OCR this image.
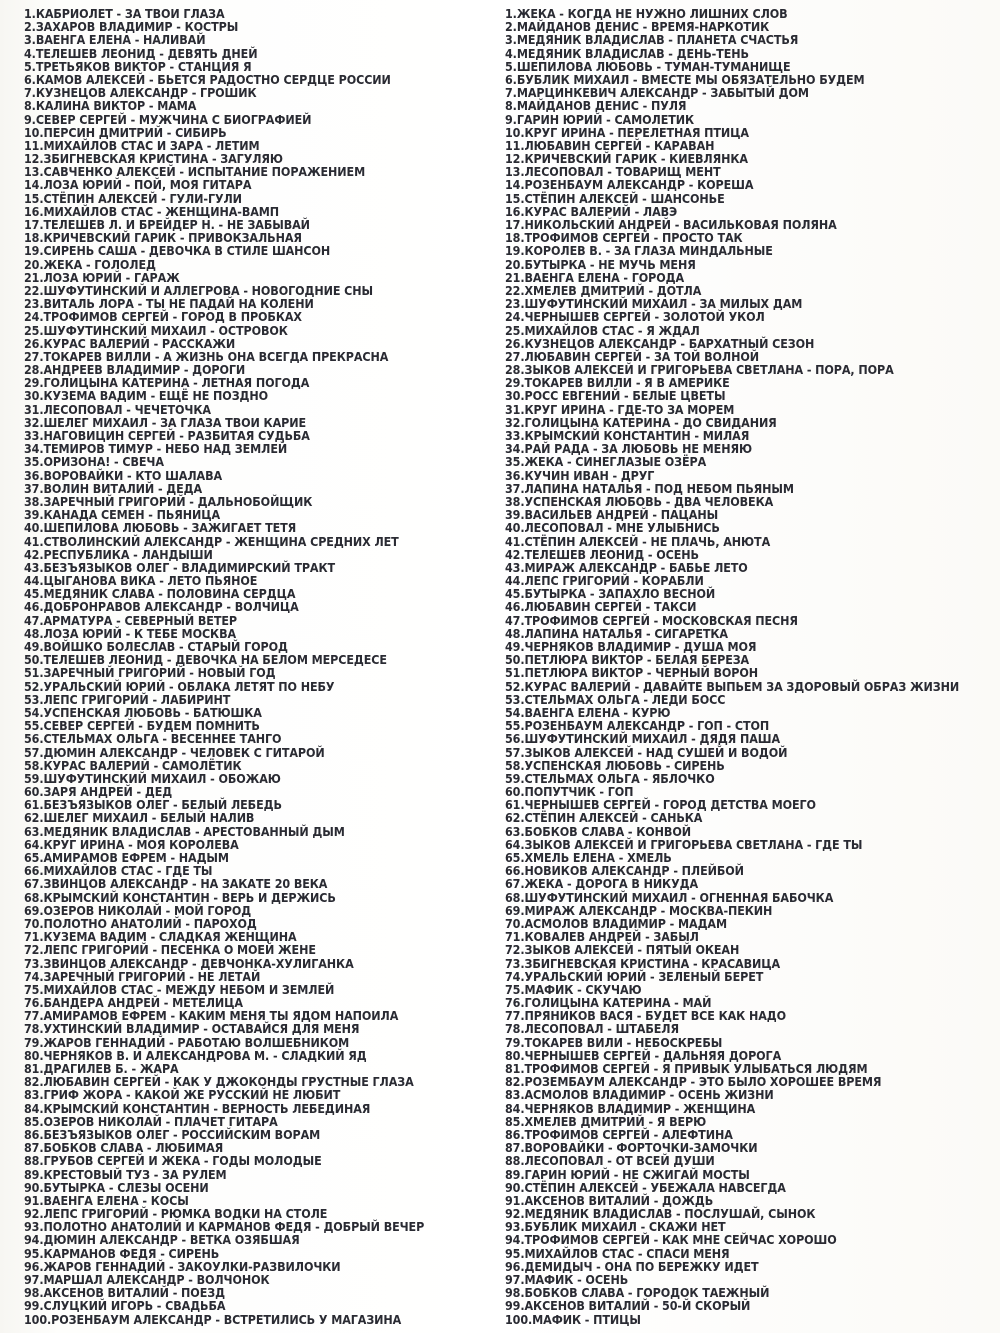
1.КАБРИОЛЕТ - ЗА ТВОИ ГЛАЗА
2.ЗАХАРОВ ВЛАДИМИР - КОСТРЫ
3.ВАЕНГА ЕЛЕНА - НАЛИВАЙ
4.ТЕЛЕШЕВ ЛЕОНИД - ДЕВЯТЬ ДНЕЙ
5.ТРЕТЬЯКОВ ВИКТОР - СТАНЦИЯ Я
6.КАМОВ АЛЕКСЕЙ - БЬЕТСЯ РАДОСТНО СЕРДЦЕ РОССИИ
7.КУЗНЕЦОВ АЛЕКСАНДР - ГРОШИК
8.КАЛИНА ВИКТОР - МАМА
9.СЕВЕР СЕРГЕЙ - МУЖЧИНА С БИОГРАФИЕЙ
10.ПЕРСИН ДМИТРИЙ - СИБИРЬ
11.МИХАЙЛОВ СТАС И ЗАРА - ЛЕТИМ
12.ЗБИГНЕВСКАЯ КРИСТИНА - ЗАГУЛЯЮ
13.САВЧЕНКО АЛЕКСЕЙ - ИСПЫТАНИЕ ПОРАЖЕНИЕМ
14.ЛОЗА ЮРИЙ - ПОЙ, МОЯ ГИТАРА
15.СТЁПИН АЛЕКСЕЙ - ГУЛИ-ГУЛИ
16.МИХАЙЛОВ СТАС - ЖЕНЩИНА-ВАМП
17.ТЕЛЕШЕВ Л. И БРЕЙДЕР Н. - НЕ ЗАБЫВАЙ
18.КРИЧЕВСКИЙ ГАРИК - ПРИВОКЗАЛЬНАЯ
19.СИРЕНЬ САША - ДЕВОЧКА В СТИЛЕ ШАНСОН
20.ЖЕКА - ГОЛОЛЕД
21.ЛОЗА ЮРИЙ - ГАРАЖ
22.ШУФУТИНСКИЙ И АЛЛЕГРОВА - НОВОГОДНИЕ СНЫ
23.ВИТАЛЬ ЛОРА - ТЫ НЕ ПАДАЙ НА КОЛЕНИ
24.ТРОФИМОВ СЕРГЕЙ - ГОРОД В ПРОБКАХ
25.ШУФУТИНСКИЙ МИХАИЛ - ОСТРОВОК
26.КУРАС ВАЛЕРИЙ - РАССКАЖИ
27.ТОКАРЕВ ВИЛЛИ - А ЖИЗНЬ ОНА ВСЕГДА ПРЕКРАСНА
28.АНДРЕЕВ ВЛАДИМИР - ДОРОГИ
29.ГОЛИЦЫНА КАТЕРИНА - ЛЕТНАЯ ПОГОДА
30.КУЗЕМА ВАДИМ - ЕЩЁ НЕ ПОЗДНО
31.ЛЕСОПОВАЛ - ЧЕЧЕТОЧКА
32.ШЕЛЕГ МИХАИЛ - ЗА ГЛАЗА ТВОИ КАРИЕ
33.НАГОВИЦИН СЕРГЕЙ - РАЗБИТАЯ СУДЬБА
34.ТЕМИРОВ ТИМУР - НЕБО НАД ЗЕМЛЕЙ
35.ОРИЗОНА! - СВЕЧА
36.ВОРОВАЙКИ - КТО ШАЛАВА
37.ВОЛИН ВИТАЛИЙ - ДЕДА
38.ЗАРЕЧНЫЙ ГРИГОРИЙ - ДАЛЬНОБОЙЩИК
39.КАНАДА СЕМЕН - ПЬЯНИЦА
40.ШЕПИЛОВА ЛЮБОВЬ - ЗАЖИГАЕТ ТЕТЯ
41.СТВОЛИНСКИЙ АЛЕКСАНДР - ЖЕНЩИНА СРЕДНИХ ЛЕТ
42.РЕСПУБЛИКА - ЛАНДЫШИ
43.БЕЗЪЯЗЫКОВ ОЛЕГ - ВЛАДИМИРСКИЙ ТРАКТ
44.ЦЫГАНОВА ВИКА - ЛЕТО ПЬЯНОЕ
45.МЕДЯНИК СЛАВА - ПОЛОВИНА СЕРДЦА
46.ДОБРОНРАВОВ АЛЕКСАНДР - ВОЛЧИЦА
47.АРМАТУРА - СЕВЕРНЫЙ ВЕТЕР
48.ЛОЗА ЮРИЙ - К ТЕБЕ МОСКВА
49.ВОЙШКО БОЛЕСЛАВ - СТАРЫЙ ГОРОД
50.ТЕЛЕШЕВ ЛЕОНИД - ДЕВОЧКА НА БЕЛОМ МЕРСЕДЕСЕ
51.ЗАРЕЧНЫЙ ГРИГОРИЙ - НОВЫЙ ГОД
52.УРАЛЬСКИЙ ЮРИЙ - ОБЛАКА ЛЕТЯТ ПО НЕБУ
53.ЛЕПС ГРИГОРИЙ - ЛАБИРИНТ
54.УСПЕНСКАЯ ЛЮБОВЬ - БАТЮШКА
55.СЕВЕР СЕРГЕЙ - БУДЕМ ПОМНИТЬ
56.СТЕЛЬМАХ ОЛЬГА - ВЕСЕННЕЕ ТАНГО
57.ДЮМИН АЛЕКСАНДР - ЧЕЛОВЕК С ГИТАРОЙ
58.КУРАС ВАЛЕРИЙ - САМОЛЁТИК
59.ШУФУТИНСКИЙ МИХАИЛ - ОБОЖАЮ
60.ЗАРЯ АНДРЕЙ - ДЕД
61.БЕЗЪЯЗЫКОВ ОЛЕГ - БЕЛЫЙ ЛЕБЕДЬ
62.ШЕЛЕГ МИХАИЛ - БЕЛЫЙ НАЛИВ
63.МЕДЯНИК ВЛАДИСЛАВ - АРЕСТОВАННЫЙ ДЫМ
64.КРУГ ИРИНА - МОЯ КОРОЛЕВА
65.АМИРАМОВ ЕФРЕМ - НАДЫМ
66.МИХАЙЛОВ СТАС - ГДЕ ТЫ
67.ЗВИНЦОВ АЛЕКСАНДР - НА ЗАКАТЕ 20 ВЕКА
68.КРЫМСКИЙ КОНСТАНТИН - ВЕРЬ И ДЕРЖИСЬ
69.ОЗЕРОВ НИКОЛАЙ - МОЙ ГОРОД
70.ПОЛОТНО АНАТОЛИЙ - ПАРОХОД
71.КУЗЕМА ВАДИМ - СЛАДКАЯ ЖЕНЩИНА
72.ЛЕПС ГРИГОРИЙ - ПЕСЕНКА О МОЕЙ ЖЕНЕ
73.ЗВИНЦОВ АЛЕКСАНДР - ДЕВЧОНКА-ХУЛИГАНКА
74.ЗАРЕЧНЫЙ ГРИГОРИЙ - НЕ ЛЕТАЙ
75.МИХАЙЛОВ СТАС - МЕЖДУ НЕБОМ И ЗЕМЛЕЙ
76.БАНДЕРА АНДРЕЙ - МЕТЕЛИЦА
77.АМИРАМОВ ЕФРЕМ - КАКИМ МЕНЯ ТЫ ЯДОМ НАПОИЛА
78.УХТИНСКИЙ ВЛАДИМИР - ОСТАВАЙСЯ ДЛЯ МЕНЯ
79.ЖАРОВ ГЕННАДИЙ - РАБОТАЮ ВОЛШЕБНИКОМ
80.ЧЕРНЯКОВ В. И АЛЕКСАНДРОВА М. - СЛАДКИЙ ЯД
81.ДРАГИЛЕВ Б. - ЖАРА
82.ЛЮБАВИН СЕРГЕЙ - КАК У ДЖОКОНДЫ ГРУСТНЫЕ ГЛАЗА
83.ГРИФ ЖОРА - КАКОЙ ЖЕ РУССКИЙ НЕ ЛЮБИТ
84.КРЫМСКИЙ КОНСТАНТИН - ВЕРНОСТЬ ЛЕБЕДИНАЯ
85.ОЗЕРОВ НИКОЛАЙ - ПЛАЧЕТ ГИТАРА
86.БЕЗЪЯЗЫКОВ ОЛЕГ - РОССИЙСКИМ ВОРАМ
87.БОБКОВ СЛАВА - ЛЮБИМАЯ
88.ГРУБОВ СЕРГЕЙ И ЖЕКА - ГОДЫ МОЛОДЫЕ
89.КРЕСТОВЫЙ ТУЗ - ЗА РУЛЕМ
90.БУТЫРКА - СЛЕЗЫ ОСЕНИ
91.ВАЕНГА ЕЛЕНА - КОСЫ
92.ЛЕПС ГРИГОРИЙ - РЮМКА ВОДКИ НА СТОЛЕ
93.ПОЛОТНО АНАТОЛИЙ И КАРМАНОВ ФЕДЯ - ДОБРЫЙ ВЕЧЕР
94.ДЮМИН АЛЕКСАНДР - ВЕТКА ОЗЯБШАЯ
95.КАРМАНОВ ФЕДЯ - СИРЕНЬ
96.ЖАРОВ ГЕННАДИЙ - ЗАКОУЛКИ-РАЗВИЛОЧКИ
97.МАРШАЛ АЛЕКСАНДР - ВОЛЧОНОК
98.АКСЕНОВ ВИТАЛИЙ - ПОЕЗД
99.СЛУЦКИЙ ИГОРЬ - СВАДЬБА
100.РОЗЕНБАУМ АЛЕКСАНДР - ВСТРЕТИЛИСЬ У МАГАЗИНА
1.ЖЕКА - КОГДА НЕ НУЖНО ЛИШНИХ СЛОВ
2.МАЙДАНОВ ДЕНИС - ВРЕМЯ-НАРКОТИК
3.МЕДЯНИК ВЛАДИСЛАВ - ПЛАНЕТА СЧАСТЬЯ
4.МЕДЯНИК ВЛАДИСЛАВ - ДЕНЬ-ТЕНЬ
5.ШЕПИЛОВА ЛЮБОВЬ - ТУМАН-ТУМАНИЩЕ
6.БУБЛИК МИХАИЛ - ВМЕСТЕ МЫ ОБЯЗАТЕЛЬНО БУДЕМ
7.МАРЦИНКЕВИЧ АЛЕКСАНДР - ЗАБЫТЫЙ ДОМ
8.МАЙДАНОВ ДЕНИС - ПУЛЯ
9.ГАРИН ЮРИЙ - САМОЛЕТИК
10.КРУГ ИРИНА - ПЕРЕЛЕТНАЯ ПТИЦА
11.ЛЮБАВИН СЕРГЕЙ - КАРАВАН
12.КРИЧЕВСКИЙ ГАРИК - КИЕВЛЯНКА
13.ЛЕСОПОВАЛ - ТОВАРИЩ МЕНТ
14.РОЗЕНБАУМ АЛЕКСАНДР - КОРЕША
15.СТЁПИН АЛЕКСЕЙ - ШАНСОНЬЕ
16.КУРАС ВАЛЕРИЙ - ЛАВЭ
17.НИКОЛЬСКИЙ АНДРЕЙ - ВАСИЛЬКОВАЯ ПОЛЯНА
18.ТРОФИМОВ СЕРГЕЙ - ПРОСТО ТАК
19.КОРОЛЕВ В. - ЗА ГЛАЗА МИНДАЛЬНЫЕ
20.БУТЫРКА - НЕ МУЧЬ МЕНЯ
21.ВАЕНГА ЕЛЕНА - ГОРОДА
22.ХМЕЛЕВ ДМИТРИЙ - ДОТЛА
23.ШУФУТИНСКИЙ МИХАИЛ - ЗА МИЛЫХ ДАМ
24.ЧЕРНЫШЕВ СЕРГЕЙ - ЗОЛОТОЙ УКОЛ
25.МИХАЙЛОВ СТАС - Я ЖДАЛ
26.КУЗНЕЦОВ АЛЕКСАНДР - БАРХАТНЫЙ СЕЗОН
27.ЛЮБАВИН СЕРГЕЙ - ЗА ТОЙ ВОЛНОЙ
28.ЗЫКОВ АЛЕКСЕЙ И ГРИГОРЬЕВА СВЕТЛАНА - ПОРА, ПОРА
29.ТОКАРЕВ ВИЛЛИ - Я В АМЕРИКЕ
30.РОСС ЕВГЕНИЙ - БЕЛЫЕ ЦВЕТЫ
31.КРУГ ИРИНА - ГДЕ-ТО ЗА МОРЕМ
32.ГОЛИЦЫНА КАТЕРИНА - ДО СВИДАНИЯ
33.КРЫМСКИЙ КОНСТАНТИН - МИЛАЯ
34.РАЙ РАДА - ЗА ЛЮБОВЬ НЕ МЕНЯЮ
35.ЖЕКА - СИНЕГЛАЗЫЕ ОЗЁРА
36.КУЧИН ИВАН - ДРУГ
37.ЛАПИНА НАТАЛЬЯ - ПОД НЕБОМ ПЬЯНЫМ
38.УСПЕНСКАЯ ЛЮБОВЬ - ДВА ЧЕЛОВЕКА
39.ВАСИЛЬЕВ АНДРЕЙ - ПАЦАНЫ
40.ЛЕСОПОВАЛ - МНЕ УЛЫБНИСЬ
41.СТЁПИН АЛЕКСЕЙ - НЕ ПЛАЧЬ, АНЮТА
42.ТЕЛЕШЕВ ЛЕОНИД - ОСЕНЬ
43.МИРАЖ АЛЕКСАНДР - БАБЬЕ ЛЕТО
44.ЛЕПС ГРИГОРИЙ - КОРАБЛИ
45.БУТЫРКА - ЗАПАХЛО ВЕСНОЙ
46.ЛЮБАВИН СЕРГЕЙ - ТАКСИ
47.ТРОФИМОВ СЕРГЕЙ - МОСКОВСКАЯ ПЕСНЯ
48.ЛАПИНА НАТАЛЬЯ - СИГАРЕТКА
49.ЧЕРНЯКОВ ВЛАДИМИР - ДУША МОЯ
50.ПЕТЛЮРА ВИКТОР - БЕЛАЯ БЕРЕЗА
51.ПЕТЛЮРА ВИКТОР - ЧЕРНЫЙ ВОРОН
52.КУРАС ВАЛЕРИЙ - ДАВАЙТЕ ВЫПЬЕМ ЗА ЗДОРОВЫЙ ОБРАЗ ЖИЗНИ
53.СТЕЛЬМАХ ОЛЬГА - ЛЕДИ БОСС
54.ВАЕНГА ЕЛЕНА - КУРЮ
55.РОЗЕНБАУМ АЛЕКСАНДР - ГОП - СТОП
56.ШУФУТИНСКИЙ МИХАИЛ - ДЯДЯ ПАША
57.ЗЫКОВ АЛЕКСЕЙ - НАД СУШЕЙ И ВОДОЙ
58.УСПЕНСКАЯ ЛЮБОВЬ - СИРЕНЬ
59.СТЕЛЬМАХ ОЛЬГА - ЯБЛОЧКО
60.ПОПУТЧИК - ГОП
61.ЧЕРНЫШЕВ СЕРГЕЙ - ГОРОД ДЕТСТВА МОЕГО
62.СТЁПИН АЛЕКСЕЙ - САНЬКА
63.БОБКОВ СЛАВА - КОНВОЙ
64.ЗЫКОВ АЛЕКСЕЙ И ГРИГОРЬЕВА СВЕТЛАНА - ГДЕ ТЫ
65.ХМЕЛЬ ЕЛЕНА - ХМЕЛЬ
66.НОВИКОВ АЛЕКСАНДР - ПЛЕЙБОЙ
67.ЖЕКА - ДОРОГА В НИКУДА
68.ШУФУТИНСКИЙ МИХАИЛ - ОГНЕННАЯ БАБОЧКА
69.МИРАЖ АЛЕКСАНДР - МОСКВА-ПЕКИН
70.АСМОЛОВ ВЛАДИМИР - МАДАМ
71.КОВАЛЕВ АНДРЕЙ - ЗАБЫЛ
72.ЗЫКОВ АЛЕКСЕЙ - ПЯТЫЙ ОКЕАН
73.ЗБИГНЕВСКАЯ КРИСТИНА - КРАСАВИЦА
74.УРАЛЬСКИЙ ЮРИЙ - ЗЕЛЕНЫЙ БЕРЕТ
75.МАФИК - СКУЧАЮ
76.ГОЛИЦЫНА КАТЕРИНА - МАЙ
77.ПРЯНИКОВ ВАСЯ - БУДЕТ ВСЕ КАК НАДО
78.ЛЕСОПОВАЛ - ШТАБЕЛЯ
79.ТОКАРЕВ ВИЛИ - НЕБОСКРЕБЫ
80.ЧЕРНЫШЕВ СЕРГЕЙ - ДАЛЬНЯЯ ДОРОГА
81.ТРОФИМОВ СЕРГЕЙ - Я ПРИВЫК УЛЫБАТЬСЯ ЛЮДЯМ
82.РОЗЕМБАУМ АЛЕКСАНДР - ЭТО БЫЛО ХОРОШЕЕ ВРЕМЯ
83.АСМОЛОВ ВЛАДИМИР - ОСЕНЬ ЖИЗНИ
84.ЧЕРНЯКОВ ВЛАДИМИР - ЖЕНЩИНА
85.ХМЕЛЕВ ДМИТРИЙ - Я ВЕРЮ
86.ТРОФИМОВ СЕРГЕЙ - АЛЕФТИНА
87.ВОРОВАЙКИ - ФОРТОЧКИ-ЗАМОЧКИ
88.ЛЕСОПОВАЛ - ОТ ВСЕЙ ДУШИ
89.ГАРИН ЮРИЙ - НЕ СЖИГАЙ МОСТЫ
90.СТЁПИН АЛЕКСЕЙ - УБЕЖАЛА НАВСЕГДА
91.АКСЕНОВ ВИТАЛИЙ - ДОЖДЬ
92.МЕДЯНИК ВЛАДИСЛАВ - ПОСЛУШАЙ, СЫНОК
93.БУБЛИК МИХАИЛ - СКАЖИ НЕТ
94.ТРОФИМОВ СЕРГЕЙ - КАК МНЕ СЕЙЧАС ХОРОШО
95.МИХАЙЛОВ СТАС - СПАСИ МЕНЯ
96.ДЕМИДЫЧ - ОНА ПО БЕРЕЖКУ ИДЕТ
97.МАФИК - ОСЕНЬ
98.БОБКОВ СЛАВА - ГОРОДОК ТАЕЖНЫЙ
99.АКСЕНОВ ВИТАЛИЙ - 50-Й СКОРЫЙ
100.МАФИК - ПТИЦЫ
